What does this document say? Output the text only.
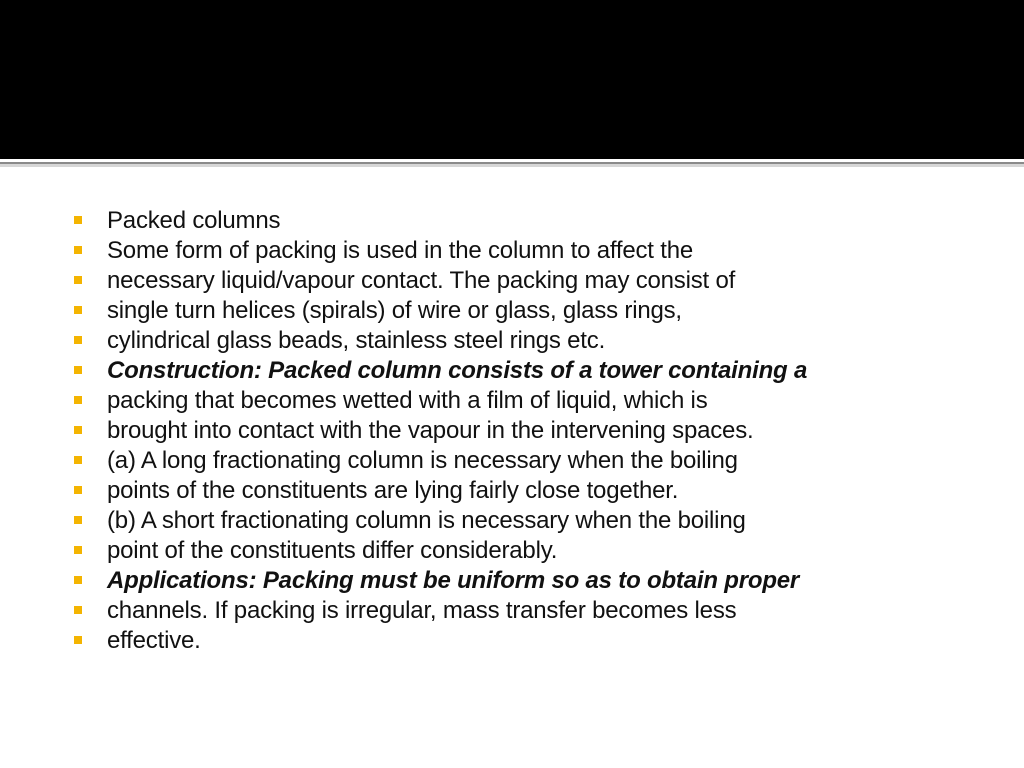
Packed columns
Some form of packing is used in the column to affect the
necessary liquid/vapour contact. The packing may consist of
single turn helices (spirals) of wire or glass, glass rings,
cylindrical glass beads, stainless steel rings etc.
Construction: Packed column consists of a tower containing a
packing that becomes wetted with a film of liquid, which is
brought into contact with the vapour in the intervening spaces.
(a) A long fractionating column is necessary when the boiling
points of the constituents are lying fairly close together.
(b) A short fractionating column is necessary when the boiling
point of the constituents differ considerably.
Applications: Packing must be uniform so as to obtain proper
channels. If packing is irregular, mass transfer becomes less
effective.
